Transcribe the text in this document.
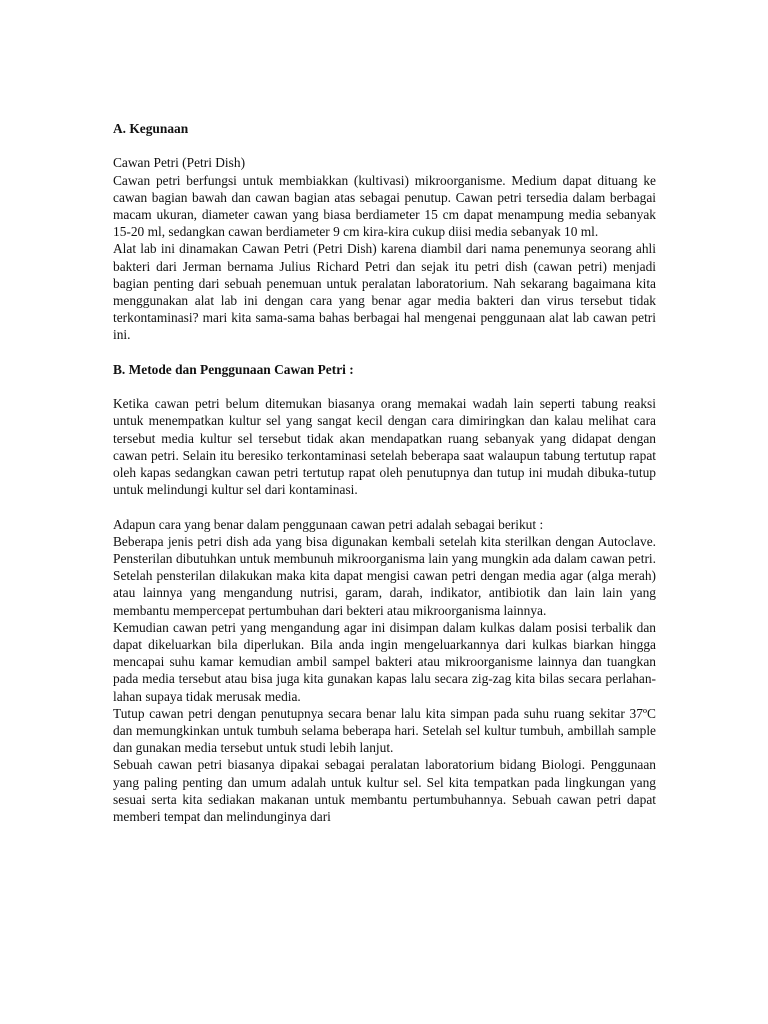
A. Kegunaan

Cawan Petri (Petri Dish)

Cawan petri berfungsi untuk membiakkan (kultivasi) mikroorganisme. Medium dapat dituang ke cawan bagian bawah dan cawan bagian atas sebagai penutup. Cawan petri tersedia dalam berbagai macam ukuran, diameter cawan yang biasa berdiameter 15 cm dapat menampung media sebanyak 15-20 ml, sedangkan cawan berdiameter 9 cm kira-kira cukup diisi media sebanyak 10 ml.

Alat lab ini dinamakan Cawan Petri (Petri Dish) karena diambil dari nama penemunya seorang ahli bakteri dari Jerman bernama Julius Richard Petri dan sejak itu petri dish (cawan petri) menjadi bagian penting dari sebuah penemuan untuk peralatan laboratorium. Nah sekarang bagaimana kita menggunakan alat lab ini dengan cara yang benar agar media bakteri dan virus tersebut tidak terkontaminasi? mari kita sama-sama bahas berbagai hal mengenai penggunaan alat lab cawan petri ini.

B. Metode dan Penggunaan Cawan Petri :

Ketika cawan petri belum ditemukan biasanya orang memakai wadah lain seperti tabung reaksi untuk menempatkan kultur sel yang sangat kecil dengan cara dimiringkan dan kalau melihat cara tersebut media kultur sel tersebut tidak akan mendapatkan ruang sebanyak yang didapat dengan cawan petri. Selain itu beresiko terkontaminasi setelah beberapa saat walaupun tabung tertutup rapat oleh kapas sedangkan cawan petri tertutup rapat oleh penutupnya dan tutup ini mudah dibuka-tutup untuk melindungi kultur sel dari kontaminasi.

Adapun cara yang benar dalam penggunaan cawan petri adalah sebagai berikut :

Beberapa jenis petri dish ada yang bisa digunakan kembali setelah kita sterilkan dengan Autoclave. Pensterilan dibutuhkan untuk membunuh mikroorganisma lain yang mungkin ada dalam cawan petri. Setelah pensterilan dilakukan maka kita dapat mengisi cawan petri dengan media agar (alga merah) atau lainnya yang mengandung nutrisi, garam, darah, indikator, antibiotik dan lain lain yang membantu mempercepat pertumbuhan dari bekteri atau mikroorganisma lainnya.

Kemudian cawan petri yang mengandung agar ini disimpan dalam kulkas dalam posisi terbalik dan dapat dikeluarkan bila diperlukan. Bila anda ingin mengeluarkannya dari kulkas biarkan hingga mencapai suhu kamar kemudian ambil sampel bakteri atau mikroorganisme lainnya dan tuangkan pada media tersebut atau bisa juga kita gunakan kapas lalu secara zig-zag kita bilas secara perlahan-lahan supaya tidak merusak media.

Tutup cawan petri dengan penutupnya secara benar lalu kita simpan pada suhu ruang sekitar 37ºC dan memungkinkan untuk tumbuh selama beberapa hari. Setelah sel kultur tumbuh, ambillah sample dan gunakan media tersebut untuk studi lebih lanjut.

Sebuah cawan petri biasanya dipakai sebagai peralatan laboratorium bidang Biologi. Penggunaan yang paling penting dan umum adalah untuk kultur sel. Sel kita tempatkan pada lingkungan yang sesuai serta kita sediakan makanan untuk membantu pertumbuhannya. Sebuah cawan petri dapat memberi tempat dan melindunginya dari
